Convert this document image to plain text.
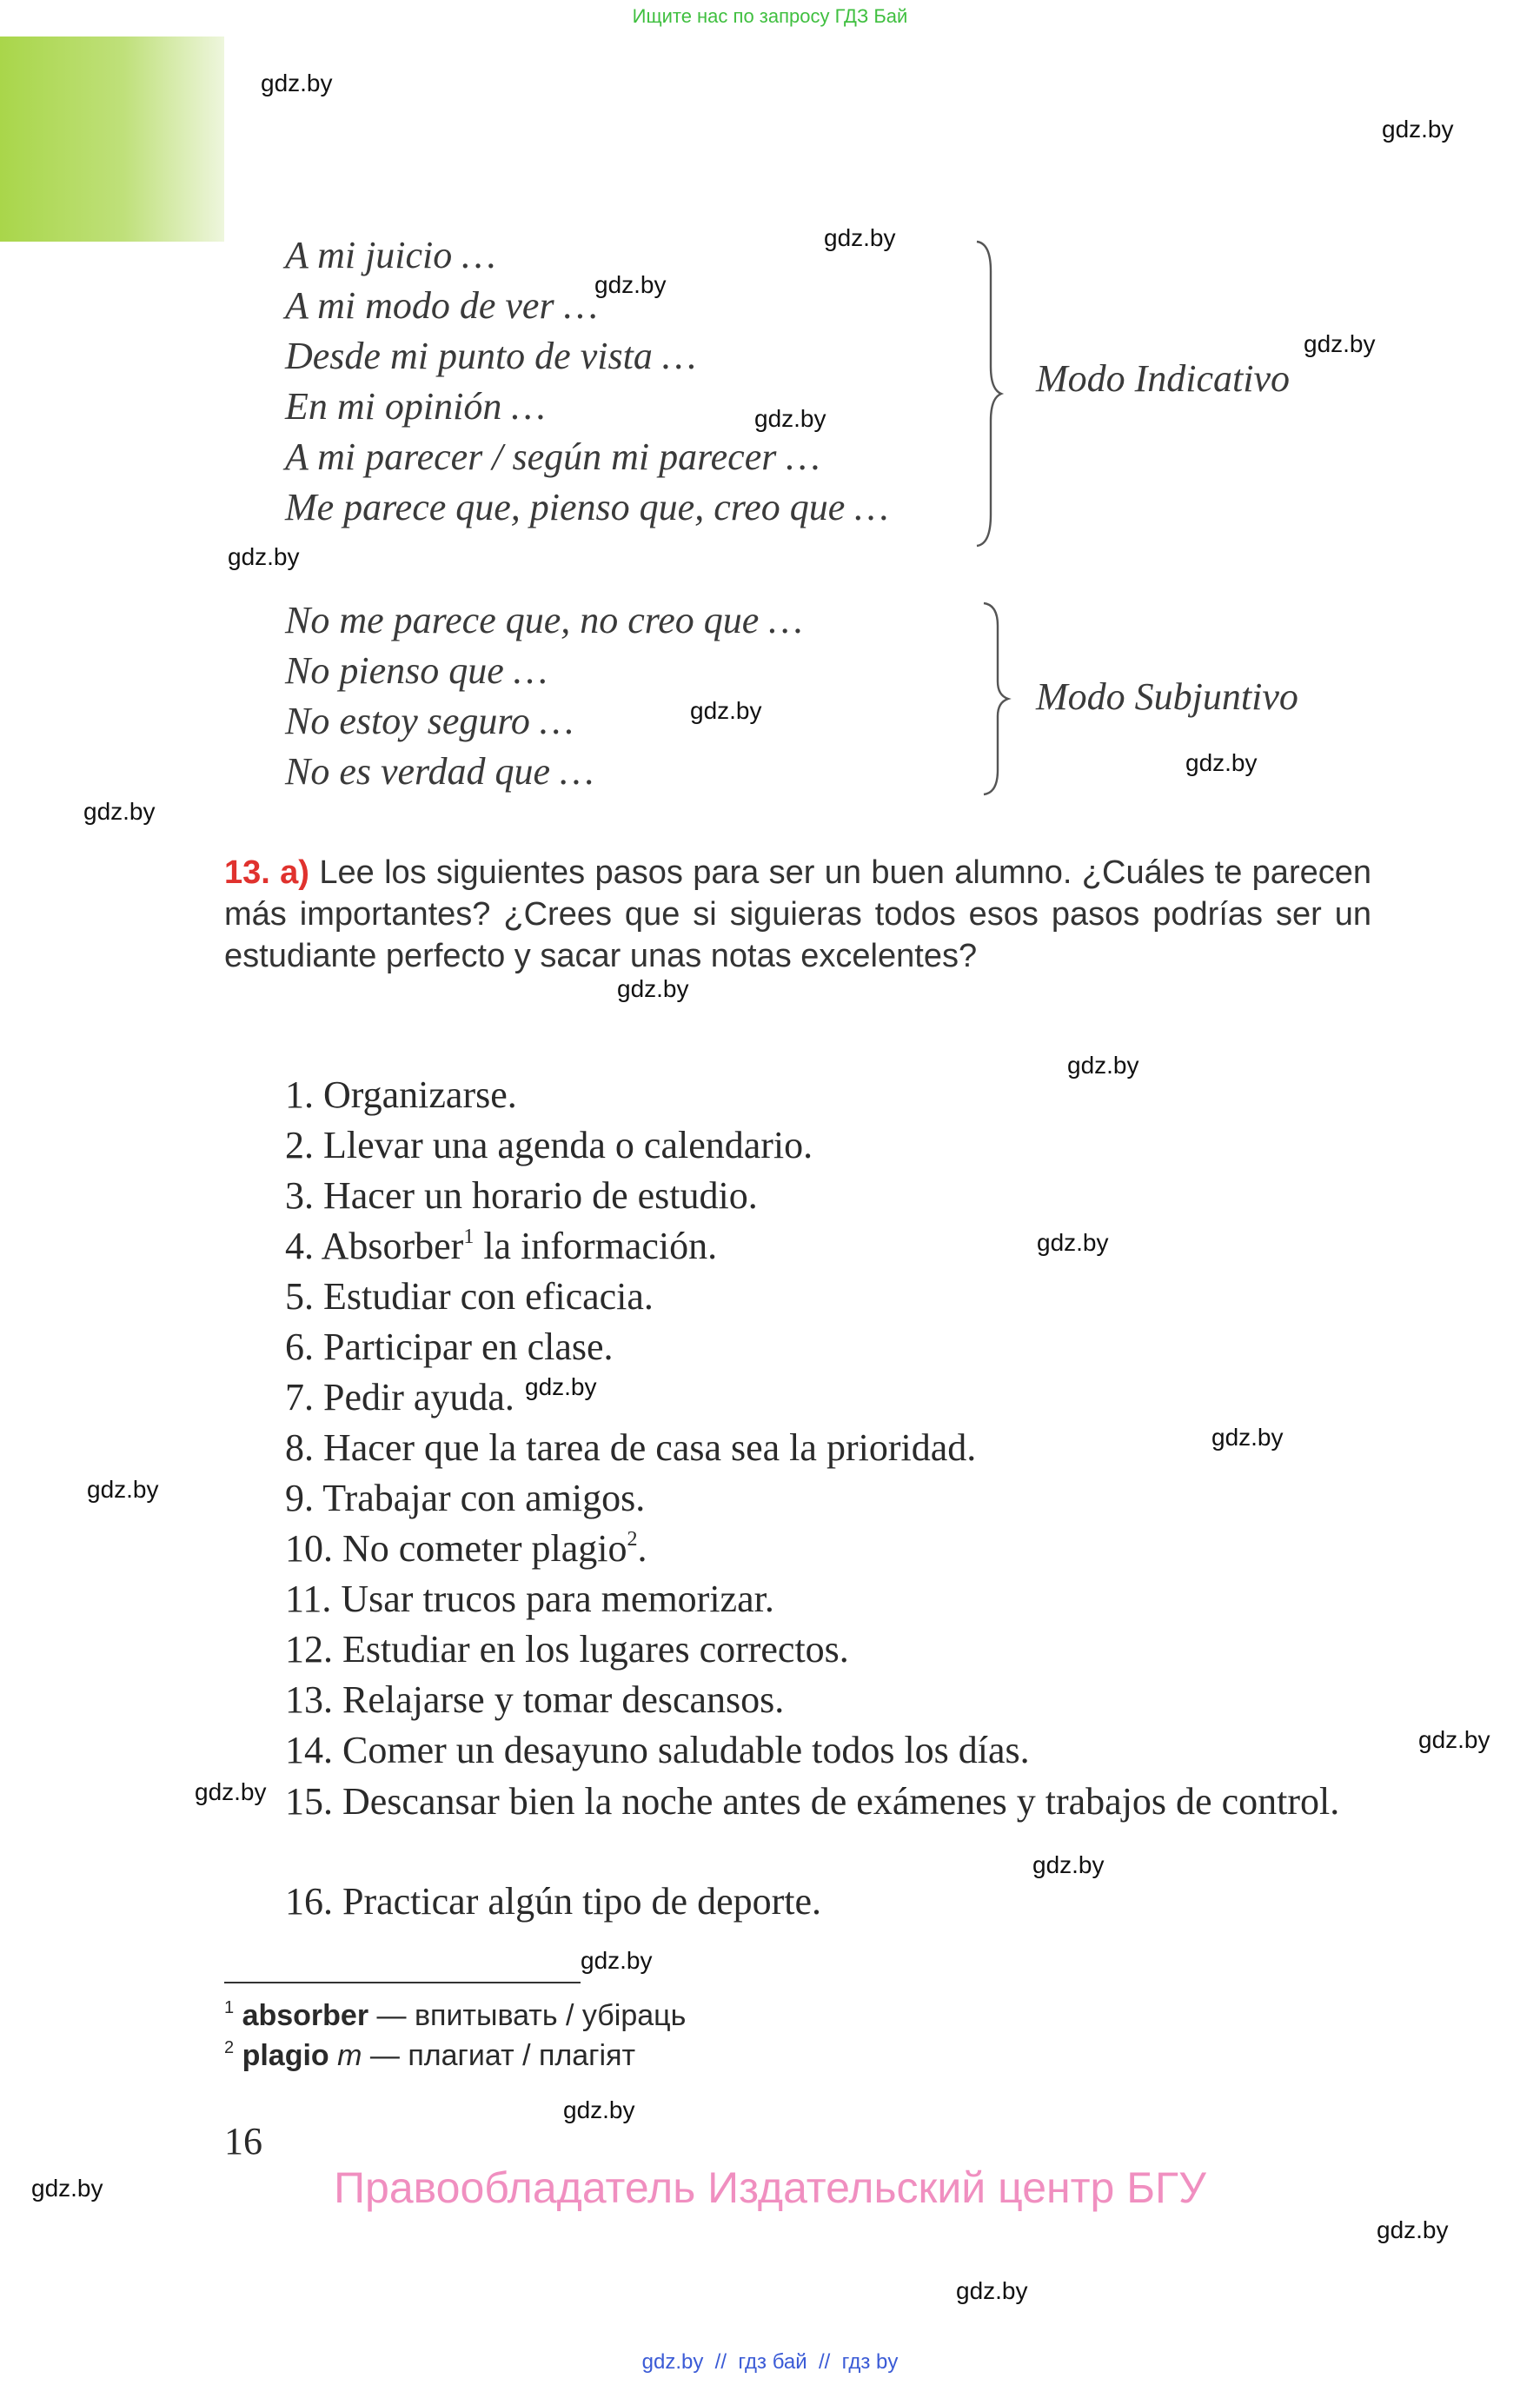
Ищите нас по запросу ГДЗ Бай
gdz.by
gdz.by
gdz.by
gdz.by
gdz.by
gdz.by
gdz.by
gdz.by
gdz.by
gdz.by
gdz.by
gdz.by
gdz.by
gdz.by
gdz.by
gdz.by
gdz.by
gdz.by
gdz.by
gdz.by
gdz.by
gdz.by
gdz.by
gdz.by
A mi juicio …
A mi modo de ver …
Desde mi punto de vista …
En mi opinión …
A mi parecer / según mi parecer …
Me parece que, pienso que, creo que …
Modo Indicativo
No me parece que, no creo que …
No pienso que …
No estoy seguro …
No es verdad que …
Modo Subjuntivo
13. a) Lee los siguientes pasos para ser un buen alumno. ¿Cuáles te parecen más importantes? ¿Crees que si siguieras todos esos pasos podrías ser un estudiante perfecto y sacar unas notas excelentes?
1. Organizarse.
2. Llevar una agenda o calendario.
3. Hacer un horario de estudio.
4. Absorber$^1$ la información.
5. Estudiar con eficacia.
6. Participar en clase.
7. Pedir ayuda.
8. Hacer que la tarea de casa sea la prioridad.
9. Trabajar con amigos.
10. No cometer plagio$^2$.
11. Usar trucos para memorizar.
12. Estudiar en los lugares correctos.
13. Relajarse y tomar descansos.
14. Comer un desayuno saludable todos los días.
15. Descansar bien la noche antes de exámenes y trabajos de control.
16. Practicar algún tipo de deporte.
$^1$ absorber — впитывать / убіраць
$^2$ plagio m — плагиат / плагіят
16
Правообладатель Издательский центр БГУ
gdz.by  //  гдз бай  //  гдз by
